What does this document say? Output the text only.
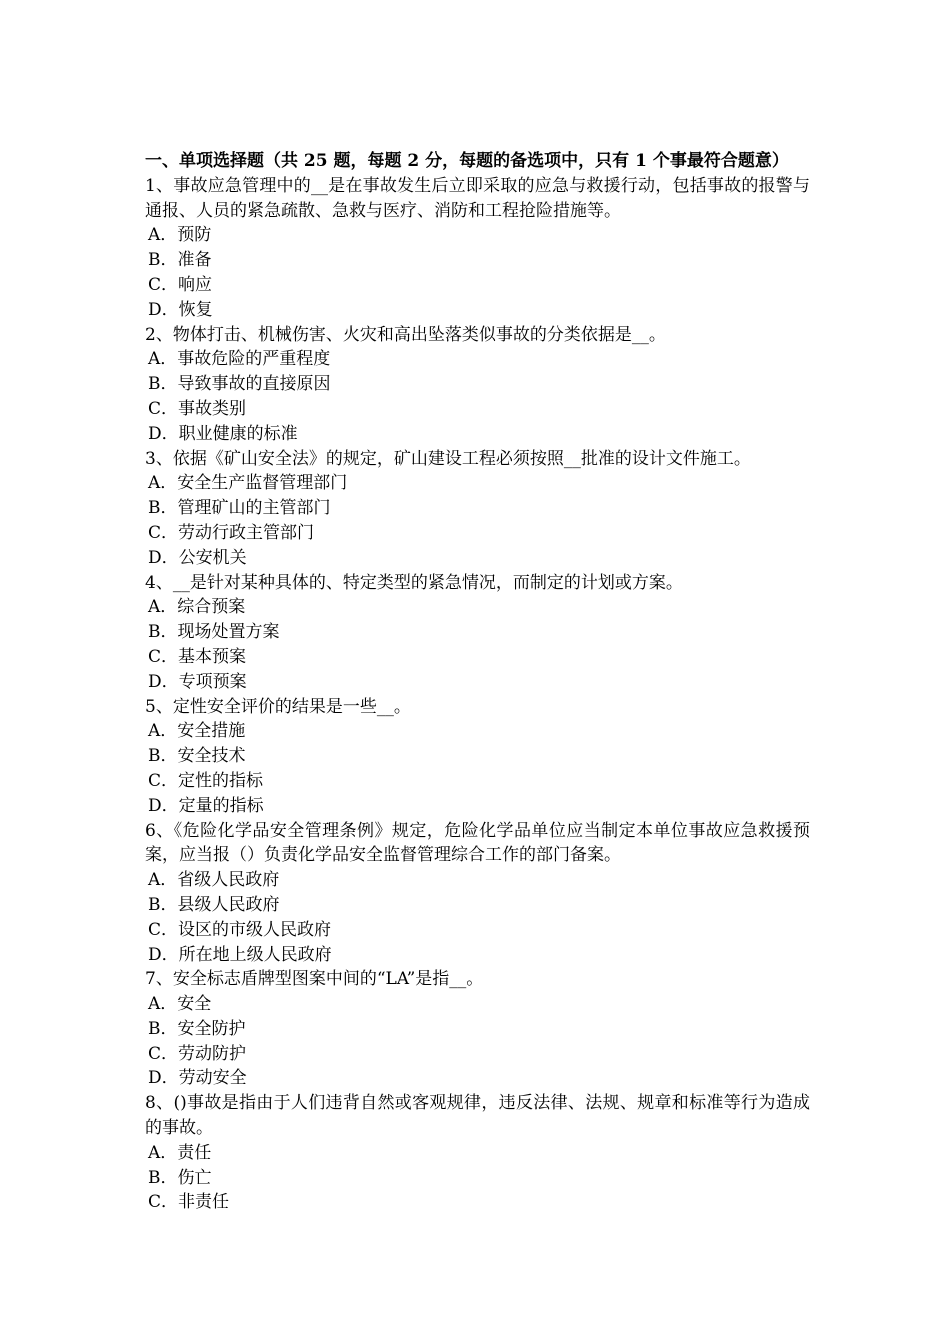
一、单项选择题（共 25 题，每题 2 分，每题的备选项中，只有 1 个事最符合题意）
1、事故应急管理中的__是在事故发生后立即采取的应急与救援行动，包括事故的报警与通报、人员的紧急疏散、急救与医疗、消防和工程抢险措施等。
A．预防
B．准备
C．响应
D．恢复
2、物体打击、机械伤害、火灾和高出坠落类似事故的分类依据是__。
A．事故危险的严重程度
B．导致事故的直接原因
C．事故类别
D．职业健康的标准
3、依据《矿山安全法》的规定，矿山建设工程必须按照__批准的设计文件施工。
A．安全生产监督管理部门
B．管理矿山的主管部门
C．劳动行政主管部门
D．公安机关
4、__是针对某种具体的、特定类型的紧急情况，而制定的计划或方案。
A．综合预案
B．现场处置方案
C．基本预案
D．专项预案
5、定性安全评价的结果是一些__。
A．安全措施
B．安全技术
C．定性的指标
D．定量的指标
6、《危险化学品安全管理条例》规定，危险化学品单位应当制定本单位事故应急救援预案，应当报（）负责化学品安全监督管理综合工作的部门备案。
A．省级人民政府
B．县级人民政府
C．设区的市级人民政府
D．所在地上级人民政府
7、安全标志盾牌型图案中间的“LA”是指__。
A．安全
B．安全防护
C．劳动防护
D．劳动安全
8、()事故是指由于人们违背自然或客观规律，违反法律、法规、规章和标准等行为造成的事故。
A．责任
B．伤亡
C．非责任
